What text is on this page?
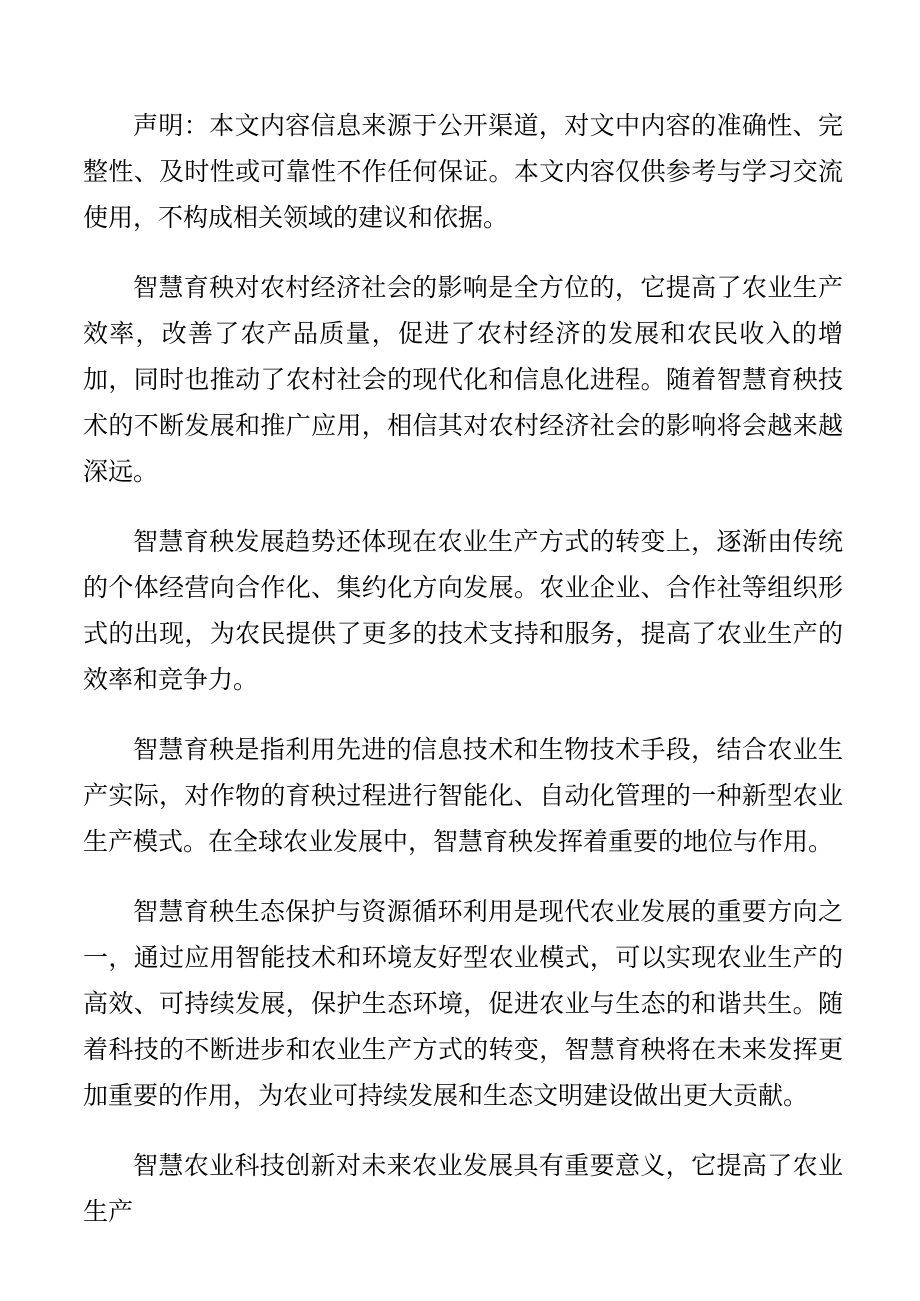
声明：本文内容信息来源于公开渠道，对文中内容的准确性、完整性、及时性或可靠性不作任何保证。本文内容仅供参考与学习交流使用，不构成相关领域的建议和依据。

智慧育秧对农村经济社会的影响是全方位的，它提高了农业生产效率，改善了农产品质量，促进了农村经济的发展和农民收入的增加，同时也推动了农村社会的现代化和信息化进程。随着智慧育秧技术的不断发展和推广应用，相信其对农村经济社会的影响将会越来越深远。

智慧育秧发展趋势还体现在农业生产方式的转变上，逐渐由传统的个体经营向合作化、集约化方向发展。农业企业、合作社等组织形式的出现，为农民提供了更多的技术支持和服务，提高了农业生产的效率和竞争力。

智慧育秧是指利用先进的信息技术和生物技术手段，结合农业生产实际，对作物的育秧过程进行智能化、自动化管理的一种新型农业生产模式。在全球农业发展中，智慧育秧发挥着重要的地位与作用。

智慧育秧生态保护与资源循环利用是现代农业发展的重要方向之一，通过应用智能技术和环境友好型农业模式，可以实现农业生产的高效、可持续发展，保护生态环境，促进农业与生态的和谐共生。随着科技的不断进步和农业生产方式的转变，智慧育秧将在未来发挥更加重要的作用，为农业可持续发展和生态文明建设做出更大贡献。

智慧农业科技创新对未来农业发展具有重要意义，它提高了农业生产
